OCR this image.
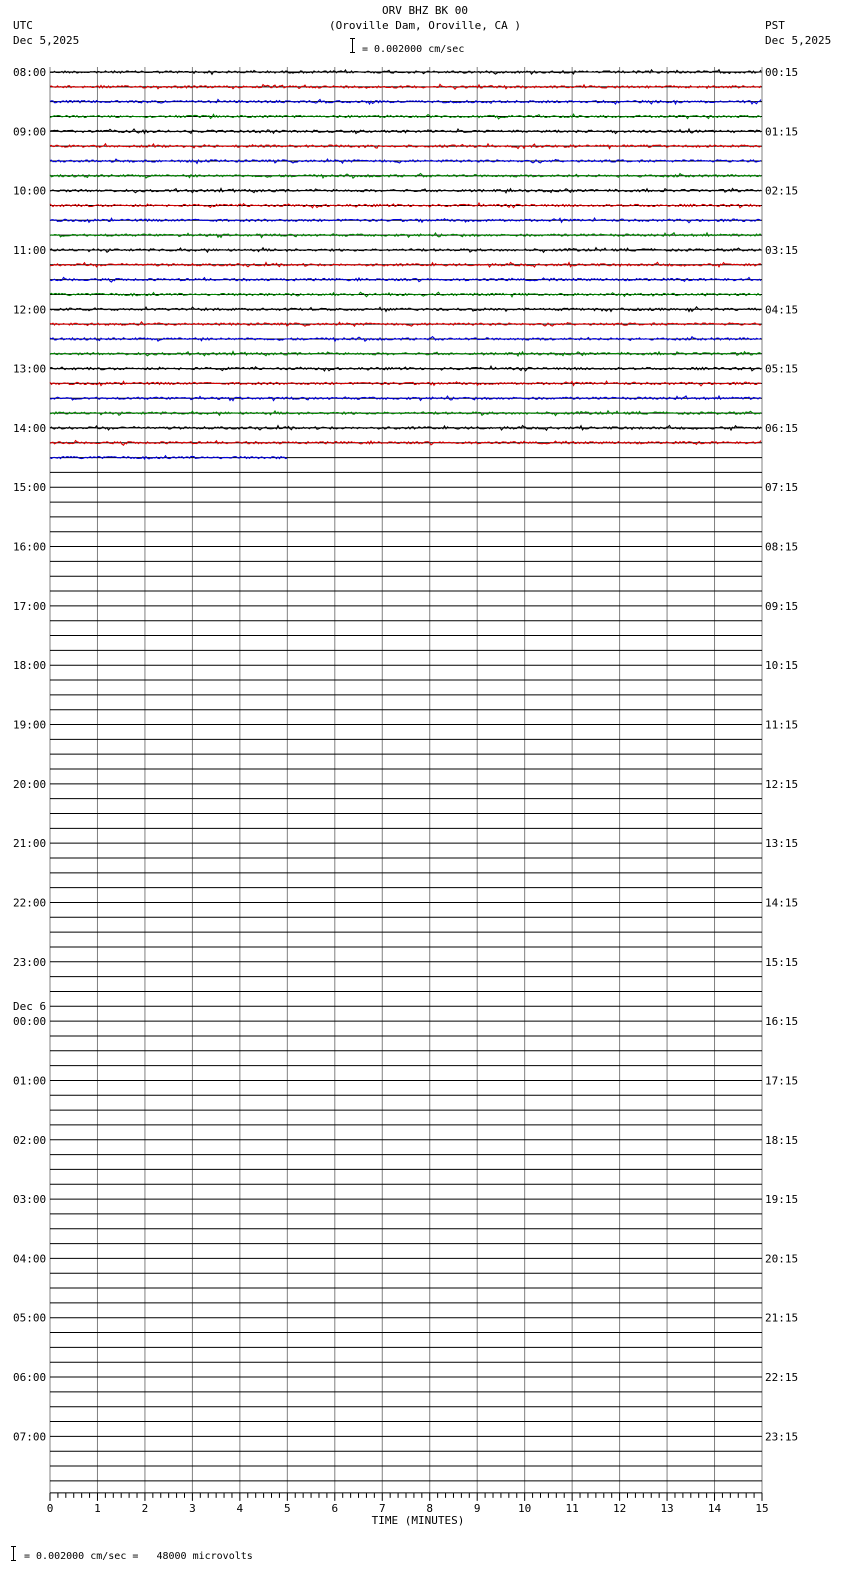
ORV BHZ BK 00
(Oroville Dam, Oroville, CA )
= 0.002000 cm/sec
UTC
Dec 5,2025
PST
Dec 5,2025
08:00
09:00
10:00
11:00
12:00
13:00
14:00
15:00
16:00
17:00
18:00
19:00
20:00
21:00
22:00
23:00
00:00
01:00
02:00
03:00
04:00
05:00
06:00
07:00
00:15
01:15
02:15
03:15
04:15
05:15
06:15
07:15
08:15
09:15
10:15
11:15
12:15
13:15
14:15
15:15
16:15
17:15
18:15
19:15
20:15
21:15
22:15
23:15
Dec 6
0	1	2	3	4	5	6	7	8	9	10	11	12	13	14	15
TIME (MINUTES)
= 0.002000 cm/sec =   48000 microvolts
